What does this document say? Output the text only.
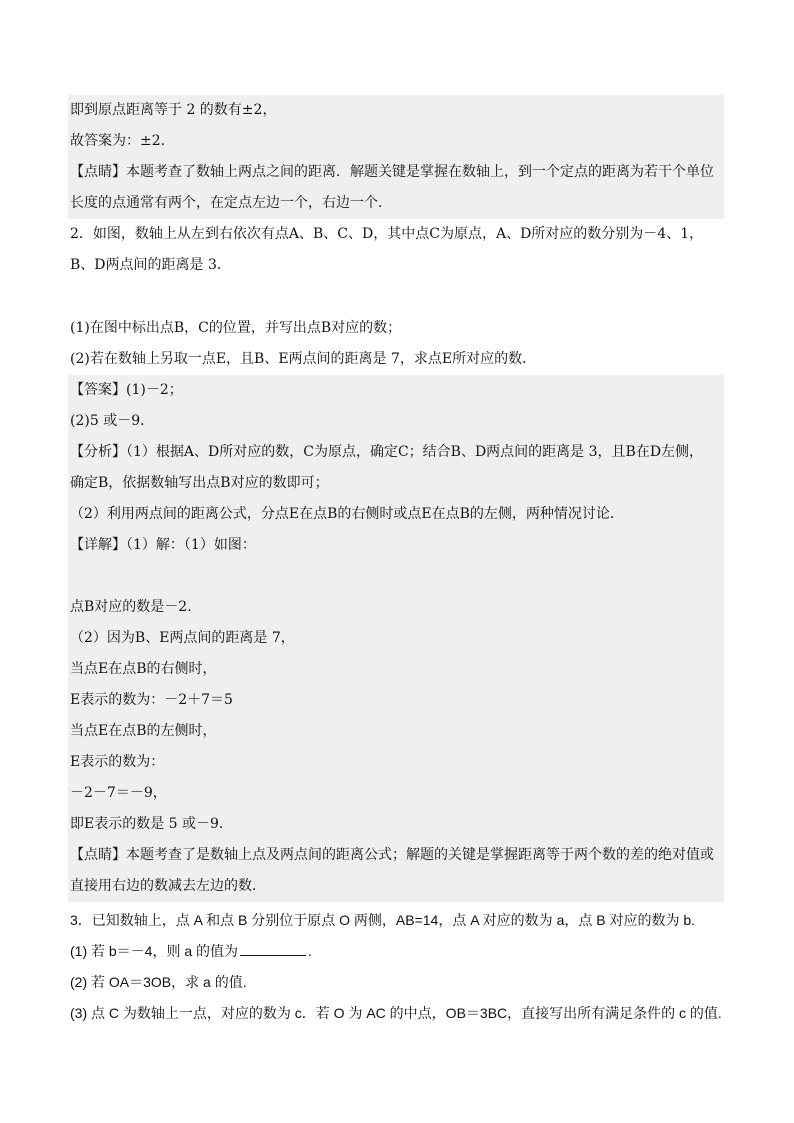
即到原点距离等于 2 的数有±2，
故答案为：±2．
【点睛】本题考查了数轴上两点之间的距离．解题关键是掌握在数轴上，到一个定点的距离为若干个单位
长度的点通常有两个，在定点左边一个，右边一个．
2．如图，数轴上从左到右依次有点A、B、C、D，其中点C为原点，A、D所对应的数分别为－4、1，
B、D两点间的距离是 3．
(1)在图中标出点B，C的位置，并写出点B对应的数；
(2)若在数轴上另取一点E，且B、E两点间的距离是 7，求点E所对应的数．
【答案】(1)－2；
(2)5 或－9．
【分析】（1）根据A、D所对应的数，C为原点，确定C；结合B、D两点间的距离是 3，且B在D左侧，
确定B，依据数轴写出点B对应的数即可；
（2）利用两点间的距离公式，分点E在点B的右侧时或点E在点B的左侧，两种情况讨论．
【详解】（1）解：（1）如图：
点B对应的数是－2．
（2）因为B、E两点间的距离是 7，
当点E在点B的右侧时，
E表示的数为：－2＋7＝5
当点E在点B的左侧时，
E表示的数为：
－2－7＝－9，
即E表示的数是 5 或－9．
【点睛】本题考查了是数轴上点及两点间的距离公式；解题的关键是掌握距离等于两个数的差的绝对值或
直接用右边的数减去左边的数．
3．已知数轴上，点 A 和点 B 分别位于原点 O 两侧，AB=14，点 A 对应的数为 a，点 B 对应的数为 b.
(1) 若 b＝－4，则 a 的值为	.
(2) 若 OA＝3OB，求 a 的值.
(3) 点 C 为数轴上一点，对应的数为 c．若 O 为 AC 的中点，OB＝3BC，直接写出所有满足条件的 c 的值.
